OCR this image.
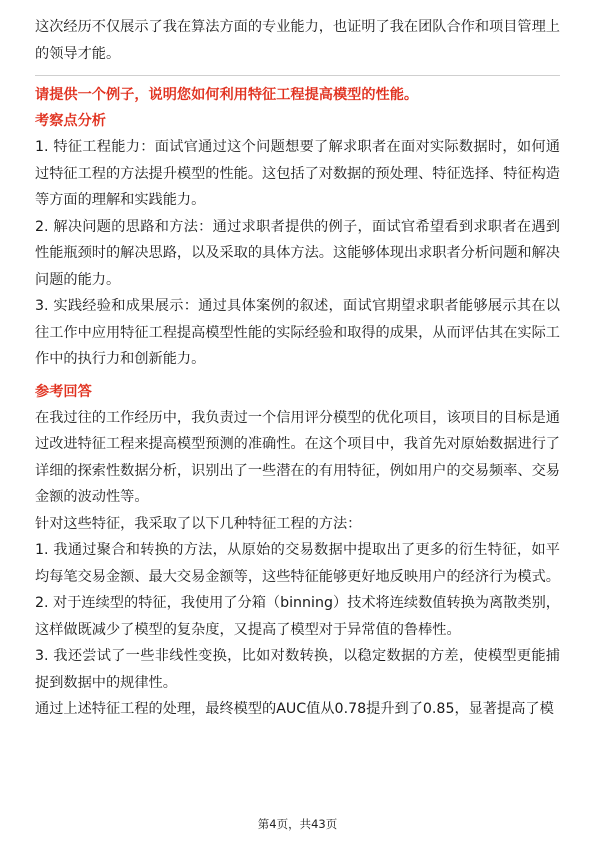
这次经历不仅展示了我在算法方面的专业能力，也证明了我在团队合作和项目管理上的领导才能。

请提供一个例子，说明您如何利用特征工程提高模型的性能。

考察点分析

1. 特征工程能力：面试官通过这个问题想要了解求职者在面对实际数据时，如何通过特征工程的方法提升模型的性能。这包括了对数据的预处理、特征选择、特征构造等方面的理解和实践能力。

2. 解决问题的思路和方法：通过求职者提供的例子，面试官希望看到求职者在遇到性能瓶颈时的解决思路，以及采取的具体方法。这能够体现出求职者分析问题和解决问题的能力。

3. 实践经验和成果展示：通过具体案例的叙述，面试官期望求职者能够展示其在以往工作中应用特征工程提高模型性能的实际经验和取得的成果，从而评估其在实际工作中的执行力和创新能力。

参考回答

在我过往的工作经历中，我负责过一个信用评分模型的优化项目，该项目的目标是通过改进特征工程来提高模型预测的准确性。在这个项目中，我首先对原始数据进行了详细的探索性数据分析，识别出了一些潜在的有用特征，例如用户的交易频率、交易金额的波动性等。

针对这些特征，我采取了以下几种特征工程的方法：

1. 我通过聚合和转换的方法，从原始的交易数据中提取出了更多的衍生特征，如平均每笔交易金额、最大交易金额等，这些特征能够更好地反映用户的经济行为模式。

2. 对于连续型的特征，我使用了分箱（binning）技术将连续数值转换为离散类别，这样做既减少了模型的复杂度，又提高了模型对于异常值的鲁棒性。

3. 我还尝试了一些非线性变换，比如对数转换，以稳定数据的方差，使模型更能捕捉到数据中的规律性。

通过上述特征工程的处理，最终模型的AUC值从0.78提升到了0.85，显著提高了模

第4页，共43页
